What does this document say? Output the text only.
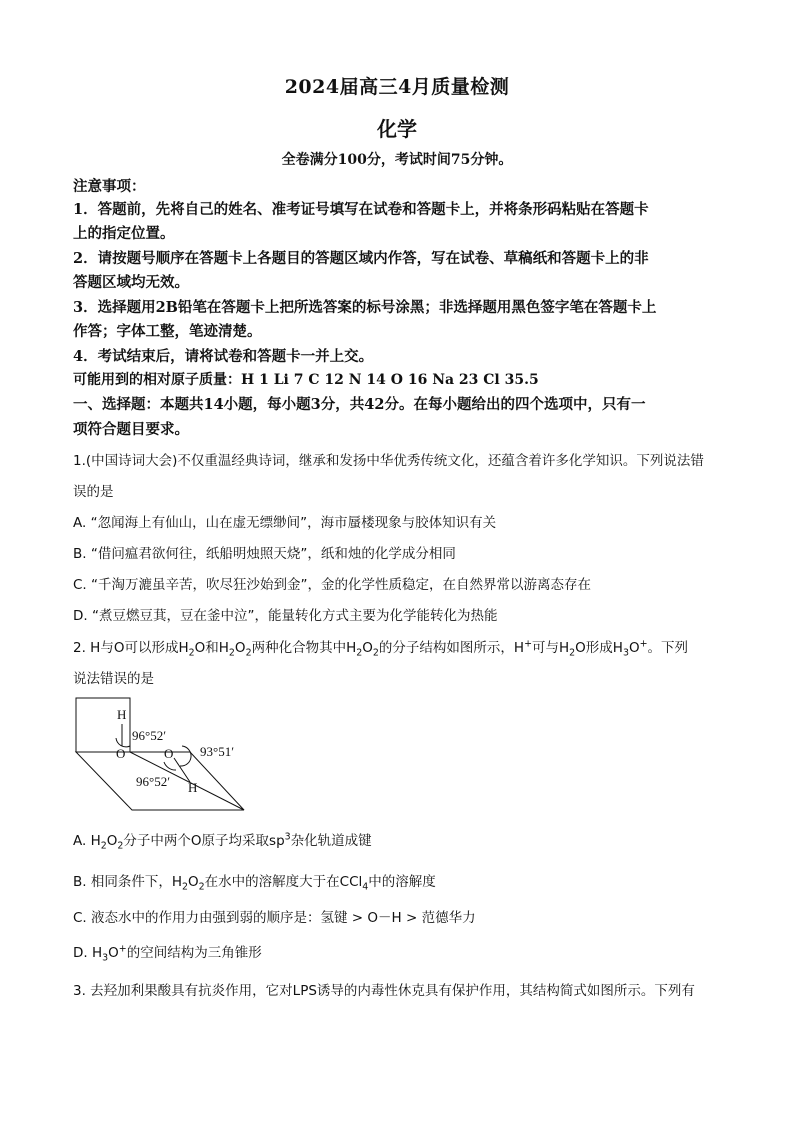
2024届高三4月质量检测
化学
全卷满分100分，考试时间75分钟。
注意事项：
1．答题前，先将自己的姓名、准考证号填写在试卷和答题卡上，并将条形码粘贴在答题卡
上的指定位置。
2．请按题号顺序在答题卡上各题目的答题区域内作答，写在试卷、草稿纸和答题卡上的非
答题区域均无效。
3．选择题用2B铅笔在答题卡上把所选答案的标号涂黑；非选择题用黑色签字笔在答题卡上
作答；字体工整，笔迹清楚。
4．考试结束后，请将试卷和答题卡一并上交。
可能用到的相对原子质量：H 1 Li 7 C 12 N 14 O 16 Na 23 Cl 35.5
一、选择题：本题共14小题，每小题3分，共42分。在每小题给出的四个选项中，只有一
项符合题目要求。
1.(中国诗词大会)不仅重温经典诗词，继承和发扬中华优秀传统文化，还蕴含着许多化学知识。下列说法错
误的是
A. “忽闻海上有仙山，山在虚无缥缈间”，海市蜃楼现象与胶体知识有关
B. “借问瘟君欲何往，纸船明烛照天烧”，纸和烛的化学成分相同
C. “千淘万漉虽辛苦，吹尽狂沙始到金”，金的化学性质稳定，在自然界常以游离态存在
D. “煮豆燃豆萁，豆在釜中泣”，能量转化方式主要为化学能转化为热能
2. H与O可以形成$H_2O$和$H_2O_2$两种化合物其中$H_2O_2$的分子结构如图所示，H+可与$H_2O$形成$H_3O^+$。下列
说法错误的是
H
96°52′
O	O 93°51′
96°52′ H
A. $H_2O_2$分子中两个O原子均采取$sp^3$杂化轨道成键
B. 相同条件下，$H_2O_2$在水中的溶解度大于在CCl$_4$中的溶解度
C. 液态水中的作用力由强到弱的顺序是：氢键 > O－H > 范德华力
D. $H_3O^+$的空间结构为三角锥形
3. 去羟加利果酸具有抗炎作用，它对LPS诱导的内毒性休克具有保护作用，其结构简式如图所示。下列有
